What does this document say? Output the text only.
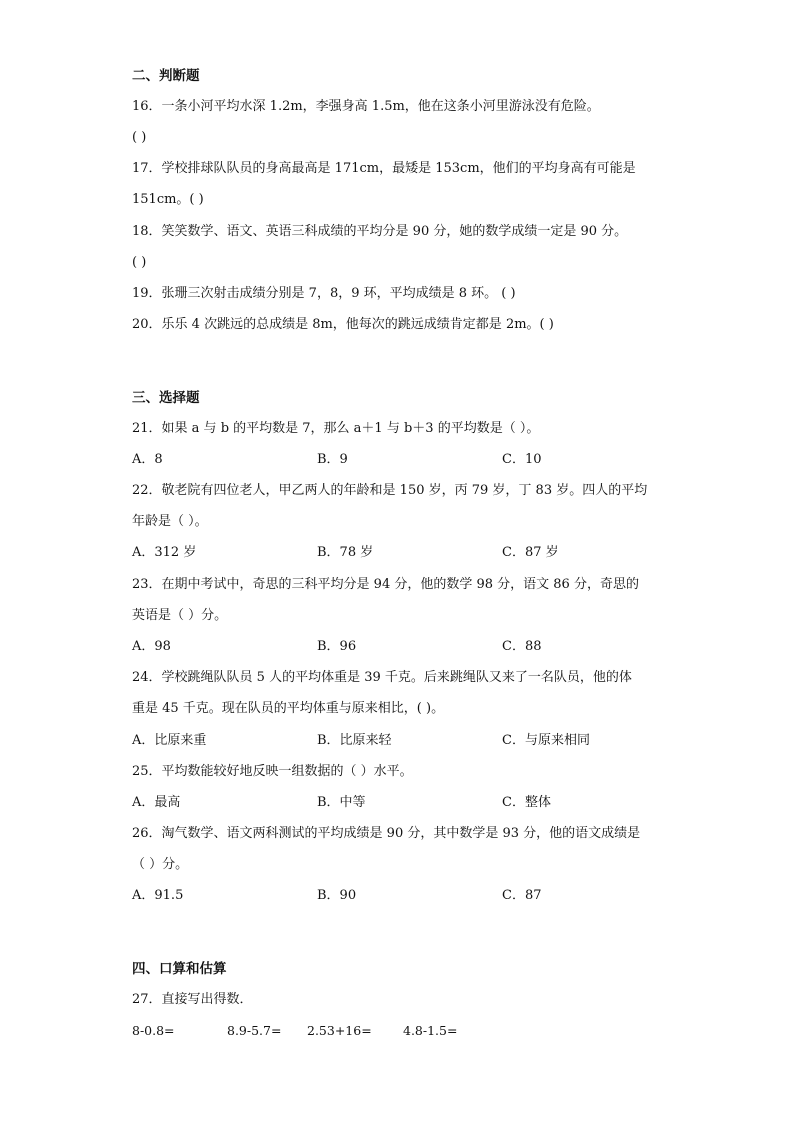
二、判断题
16．一条小河平均水深 1.2m，李强身高 1.5m，他在这条小河里游泳没有危险。
( )
17．学校排球队队员的身高最高是 171cm，最矮是 153cm，他们的平均身高有可能是
151cm。( )
18．笑笑数学、语文、英语三科成绩的平均分是 90 分，她的数学成绩一定是 90 分。
( )
19．张珊三次射击成绩分别是 7，8，9 环，平均成绩是 8 环。 ( )
20．乐乐 4 次跳远的总成绩是 8m，他每次的跳远成绩肯定都是 2m。( )
三、选择题
21．如果 a 与 b 的平均数是 7，那么 a＋1 与 b＋3 的平均数是（ ）。
A．8	B．9	C．10
22．敬老院有四位老人，甲乙两人的年龄和是 150 岁，丙 79 岁，丁 83 岁。四人的平均
年龄是（ ）。
A．312 岁	B．78 岁	C．87 岁
23．在期中考试中，奇思的三科平均分是 94 分，他的数学 98 分，语文 86 分，奇思的
英语是（ ）分。
A．98	B．96	C．88
24．学校跳绳队队员 5 人的平均体重是 39 千克。后来跳绳队又来了一名队员，他的体
重是 45 千克。现在队员的平均体重与原来相比，( )。
A．比原来重	B．比原来轻	C．与原来相同
25．平均数能较好地反映一组数据的（ ）水平。
A．最高	B．中等	C．整体
26．淘气数学、语文两科测试的平均成绩是 90 分，其中数学是 93 分，他的语文成绩是
（ ）分。
A．91.5	B．90	C．87
四、口算和估算
27．直接写出得数．
8-0.8=	8.9-5.7= 2.53+16=	4.8-1.5=
